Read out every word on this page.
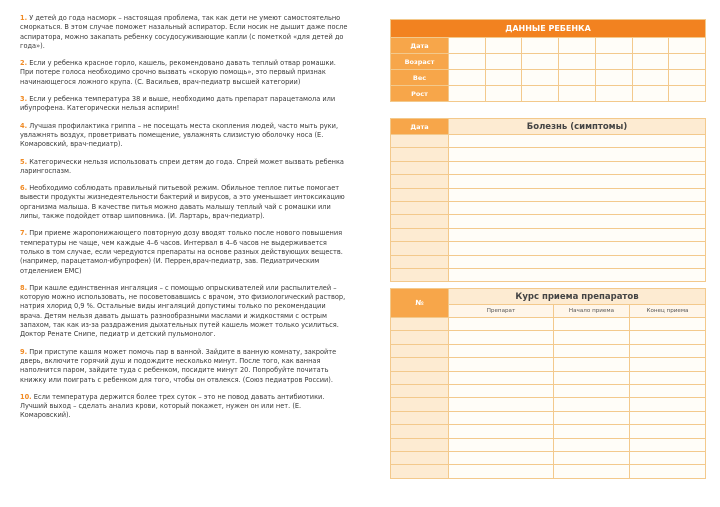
1. У детей до года насморк – настоящая проблема, так как дети не умеют самостоятельно сморкаться. В этом случае поможет назальный аспиратор. Если носик не дышит даже после аспиратора, можно закапать ребенку сосудосуживающие капли (с пометкой «для детей до года»).

2. Если у ребенка красное горло, кашель, рекомендовано давать теплый отвар ромашки. При потере голоса необходимо срочно вызвать «скорую помощь», это первый признак начинающегося ложного крупа. (С. Васильев, врач-педиатр высшей категории)

3. Если у ребенка температура 38 и выше, необходимо дать препарат парацетамола или ибупрофена. Категорически нельзя аспирин!

4. Лучшая профилактика гриппа – не посещать места скопления людей, часто мыть руки, увлажнять воздух, проветривать помещение, увлажнять слизистую оболочку носа (Е. Комаровский, врач-педиатр).

5. Категорически нельзя использовать спреи детям до года. Спрей может вызвать ребенка ларингоспазм.

6. Необходимо соблюдать правильный питьевой режим. Обильное теплое питье помогает вывести продукты жизнедеятельности бактерий и вирусов, а это уменьшает интоксикацию организма малыша. В качестве питья можно давать малышу теплый чай с ромашки или липы, также подойдет отвар шиповника. (И. Лартарь, врач-педиатр).

7. При приеме жаропонижающего повторную дозу вводят только после нового повышения температуры не чаще, чем каждые 4–6 часов. Интервал в 4–6 часов не выдерживается только в том случае, если чередуются препараты на основе разных действующих веществ. (например, парацетамол-ибупрофен) (И. Перрен,врач-педиатр, зав. Педиатрическим отделением ЕМС)

8. При кашле единственная ингаляция – с помощью опрыскивателей или распылителей – которую можно использовать, не посоветовавшись с врачом, это физиологический раствор, натрия хлорид 0,9 %. Остальные виды ингаляций допустимы только по рекомендации врача. Детям нельзя давать дышать разнообразными маслами и жидкостями с острым запахом, так как из-за раздражения дыхательных путей кашель может только усилиться. Доктор Ренате Снипе, педиатр и детский пульмонолог.

9. При приступе кашля может помочь пар в ванной. Зайдите в ванную комнату, закройте дверь, включите горячий душ и подождите несколько минут. После того, как ванная наполнится паром, зайдите туда с ребенком, посидите минут 20. Попробуйте почитать книжку или поиграть с ребенком для того, чтобы он отвлекся. (Союз педиатров России).

10. Если температура держится более трех суток – это не повод давать антибиотики. Лучший выход – сделать анализ крови, который покажет, нужен он или нет. (Е. Комаровский).

ДАННЫЕ РЕБЕНКА							
Дата							
Возраст							
Вес							
Рост							
Дата	Болезнь (симптомы)

№	Курс приема препаратов		
	Препарат	Начало приема	Конец приема
